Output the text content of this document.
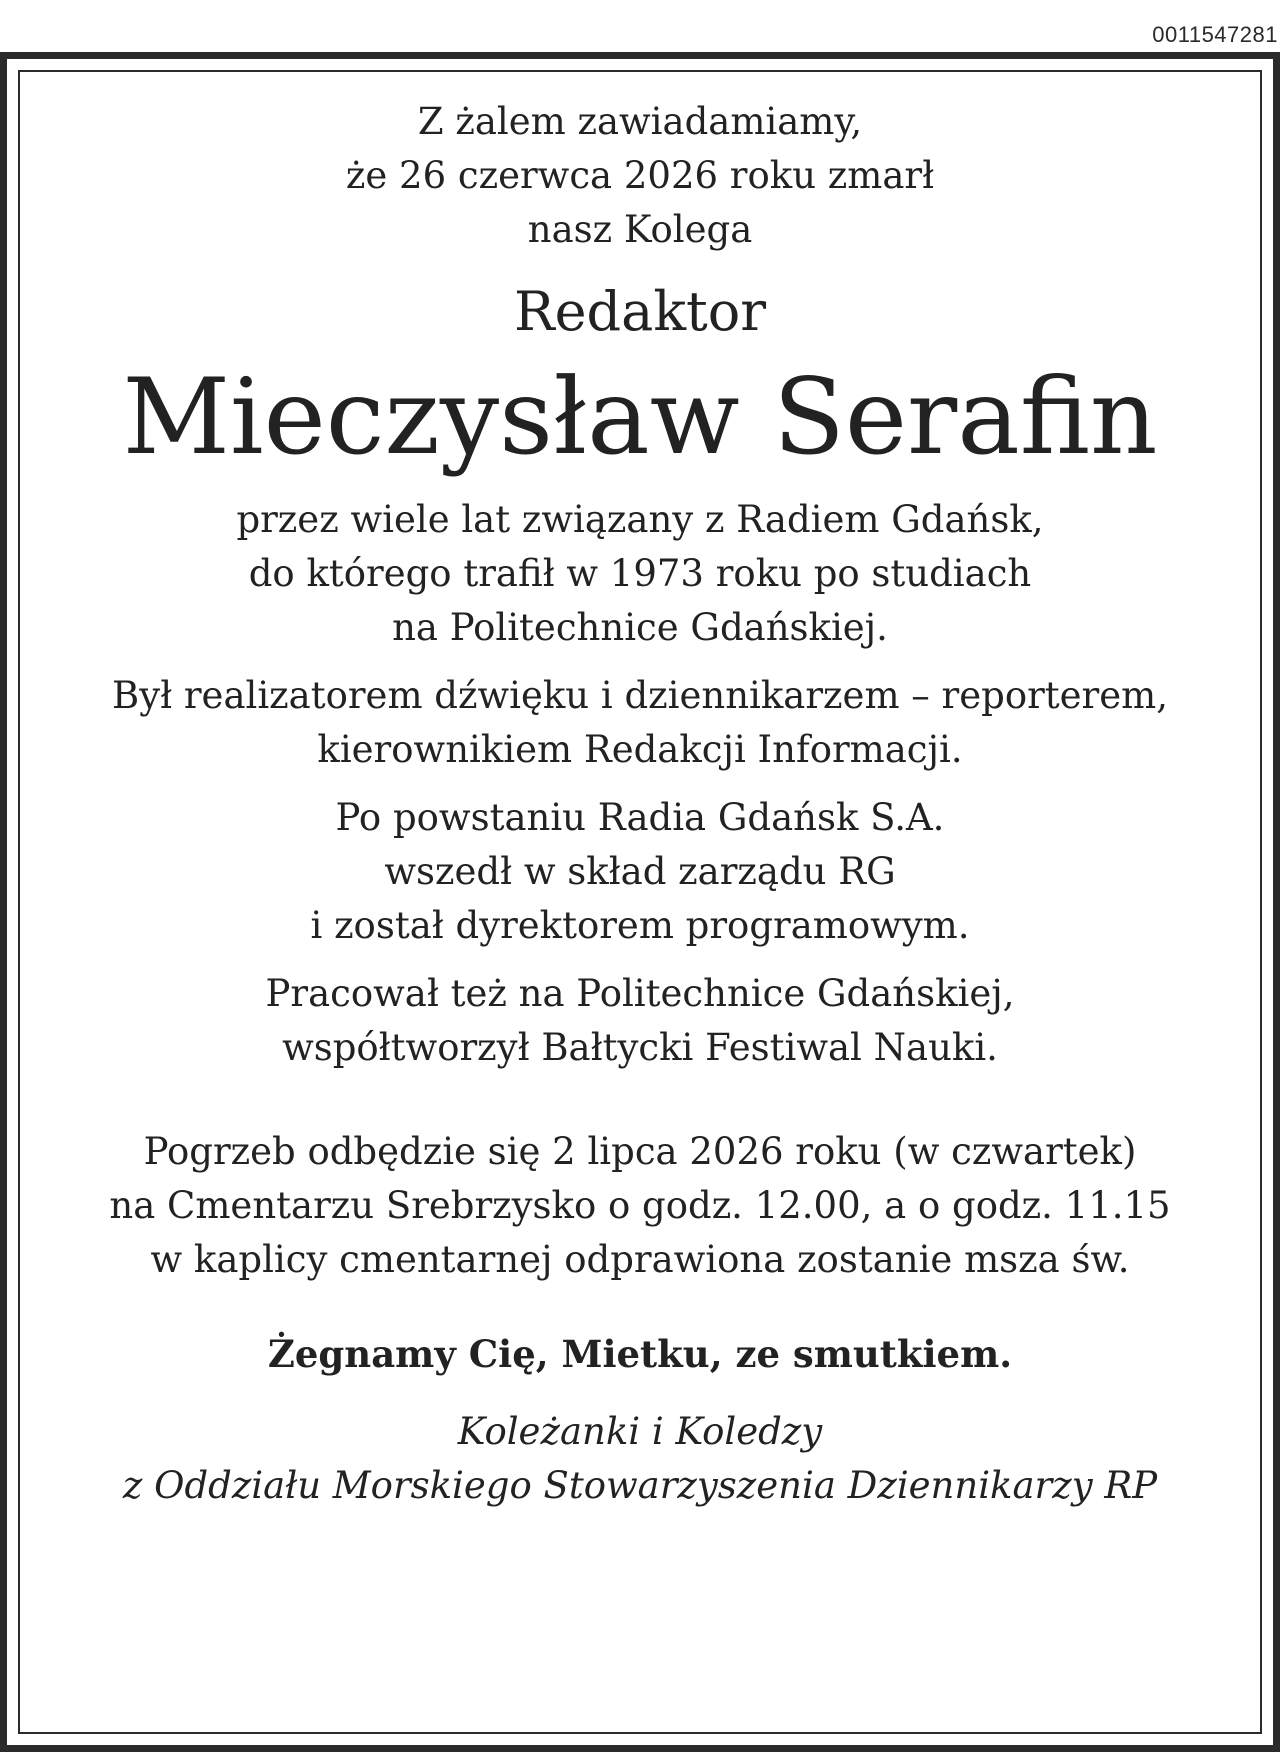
0011547281

Z żalem zawiadamiamy,
że 26 czerwca 2026 roku zmarł
nasz Kolega

Redaktor

Mieczysław Serafin

przez wiele lat związany z Radiem Gdańsk,
do którego trafił w 1973 roku po studiach
na Politechnice Gdańskiej.

Był realizatorem dźwięku i dziennikarzem – reporterem,
kierownikiem Redakcji Informacji.

Po powstaniu Radia Gdańsk S.A.
wszedł w skład zarządu RG
i został dyrektorem programowym.

Pracował też na Politechnice Gdańskiej,
współtworzył Bałtycki Festiwal Nauki.

Pogrzeb odbędzie się 2 lipca 2026 roku (w czwartek)
na Cmentarzu Srebrzysko o godz. 12.00, a o godz. 11.15
w kaplicy cmentarnej odprawiona zostanie msza św.

Żegnamy Cię, Mietku, ze smutkiem.

Koleżanki i Koledzy
z Oddziału Morskiego Stowarzyszenia Dziennikarzy RP
